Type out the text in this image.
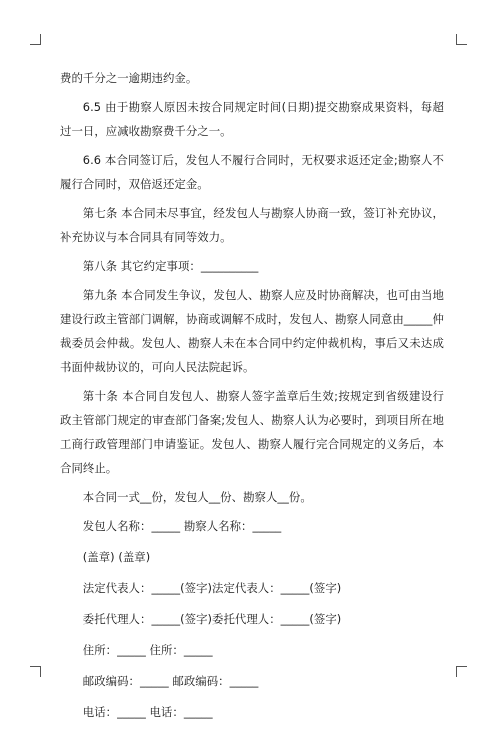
费的千分之一逾期违约金。

6.5 由于勘察人原因未按合同规定时间(日期)提交勘察成果资料，每超过一日，应减收勘察费千分之一。

6.6 本合同签订后，发包人不履行合同时，无权要求返还定金;勘察人不履行合同时，双倍返还定金。

第七条 本合同未尽事宜，经发包人与勘察人协商一致，签订补充协议，补充协议与本合同具有同等效力。

第八条 其它约定事项：__________

第九条 本合同发生争议，发包人、勘察人应及时协商解决，也可由当地建设行政主管部门调解，协商或调解不成时，发包人、勘察人同意由_____仲裁委员会仲裁。发包人、勘察人未在本合同中约定仲裁机构，事后又未达成书面仲裁协议的，可向人民法院起诉。

第十条 本合同自发包人、勘察人签字盖章后生效;按规定到省级建设行政主管部门规定的审查部门备案;发包人、勘察人认为必要时，到项目所在地工商行政管理部门申请鉴证。发包人、勘察人履行完合同规定的义务后，本合同终止。

本合同一式__份，发包人__份、勘察人__份。

发包人名称：_____ 勘察人名称：_____

(盖章) (盖章)

法定代表人：_____(签字)法定代表人：_____(签字)

委托代理人：_____(签字)委托代理人：_____(签字)

住所：_____ 住所：_____

邮政编码：_____ 邮政编码：_____

电话：_____ 电话：_____
